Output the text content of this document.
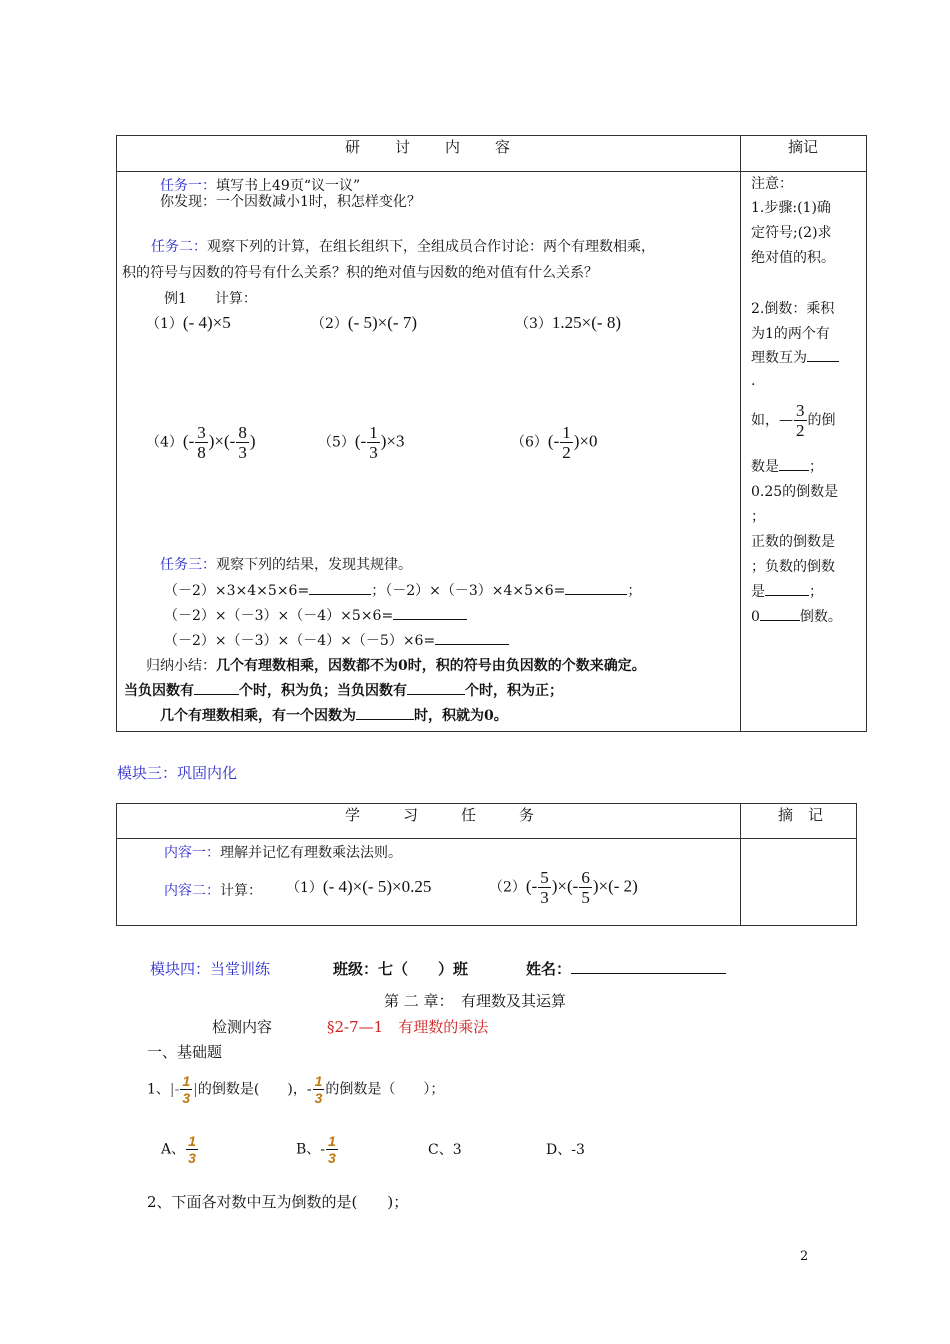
研　讨　内　容	摘记
任务一：填写书上49页“议一议”
你发现：一个因数减小1时，积怎样变化？
任务二：观察下列的计算，在组长组织下，全组成员合作讨论：两个有理数相乘，
积的符号与因数的符号有什么关系？积的绝对值与因数的绝对值有什么关系？
例1　　计算：
（1）(- 4)×5	（2）(- 5)×(- 7)	（3）1.25×(- 8)
$(4)(- \frac{3}{8}$ )×(- $\frac{8}{3}$ )	$(5)(- \frac{1}{3} )\times 3$	$(6)(- \frac{1}{2} )\times 0$
任务三：观察下列的结果，发现其规律。
（－2）×3×4×5×6=	；（－2）×（－3）×4×5×6=	；
（－2）×（－3）×（－4）×5×6=
（－2）×（－3）×（－4）×（－5）×6=
归纳小结：几个有理数相乘，因数都不为0时，积的符号由负因数的个数来确定。
当负因数有	个时，积为负；当负因数有	个时，积为正；
几个有理数相乘，有一个因数为	时，积就为0。
注意：
1.步骤:(1)确
定符号;(2)求
绝对值的积。
2.倒数：乘积
为1的两个有
理数互为
.
如，— $\frac{3}{2}$ 的倒
数是 ；
0.25的倒数是
；
正数的倒数是
；负数的倒数
是	；
0	倒数。
模块三：巩固内化
学　习　任　务	摘　记
内容一：理解并记忆有理数乘法法则。
内容二：计算： （1）(- 4)×(- 5)×0.25	$(2)(- \frac{5}{3}$ )×(- $\frac{6}{5}$ )×(- 2)
模块四：当堂训练	班级：七（　　）班	姓名：
第 二 章：　有理数及其运算
检测内容	§2-7—1　有理数的乘法
一、基础题
1、|- $\frac{1}{3}$ |的倒数是(　　)，- $\frac{1}{3}$ 的倒数是（　　）；
A、 $\frac{1}{3}$	B、- $\frac{1}{3}$	C、3	D、-3
2、下面各对数中互为倒数的是(　　)；
2
